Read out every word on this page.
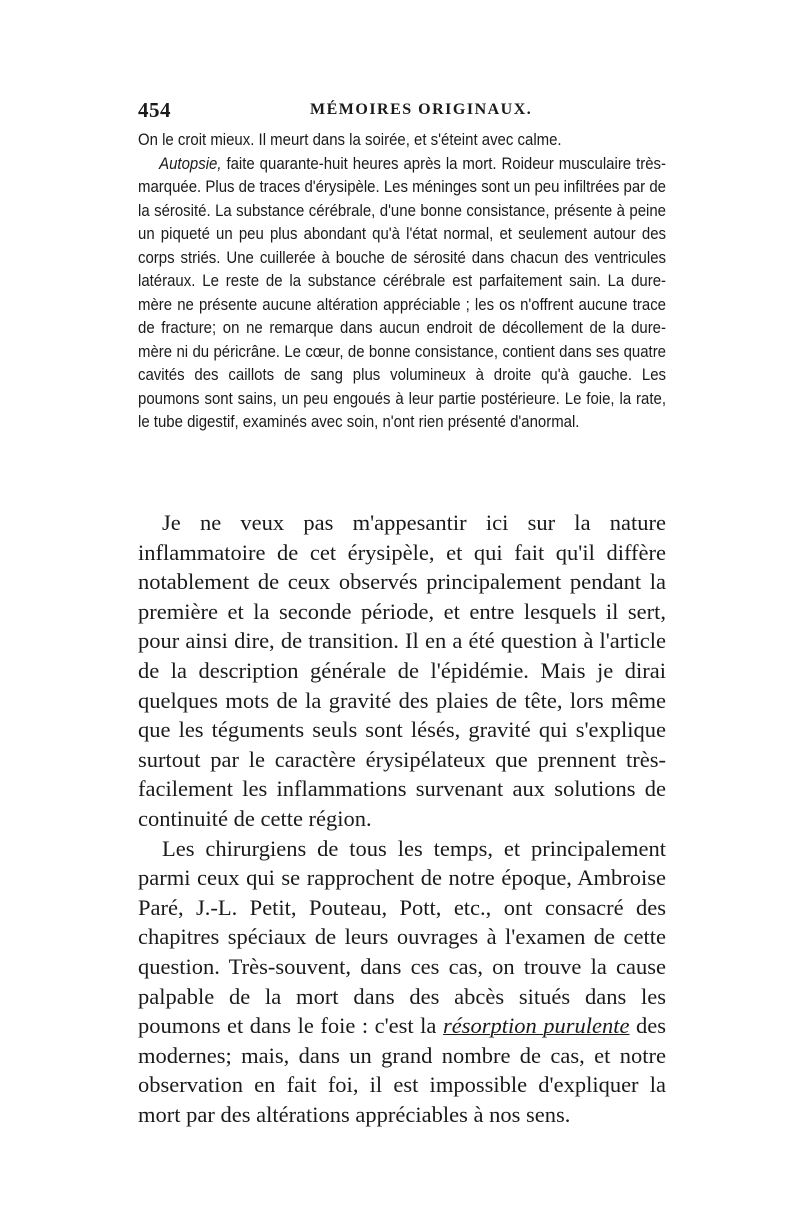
454	MÉMOIRES ORIGINAUX.

On le croit mieux. Il meurt dans la soirée, et s'éteint avec calme.
Autopsie, faite quarante-huit heures après la mort. Roideur musculaire très-marquée. Plus de traces d'érysipèle. Les méninges sont un peu infiltrées par de la sérosité. La substance cérébrale, d'une bonne consistance, présente à peine un piqueté un peu plus abondant qu'à l'état normal, et seulement autour des corps striés. Une cuillerée à bouche de sérosité dans chacun des ventricules latéraux. Le reste de la substance cérébrale est parfaitement sain. La dure-mère ne présente aucune altération appréciable ; les os n'offrent aucune trace de fracture; on ne remarque dans aucun endroit de décollement de la dure-mère ni du péricrâne. Le cœur, de bonne consistance, contient dans ses quatre cavités des caillots de sang plus volumineux à droite qu'à gauche. Les poumons sont sains, un peu engoués à leur partie postérieure. Le foie, la rate, le tube digestif, examinés avec soin, n'ont rien présenté d'anormal.

Je ne veux pas m'appesantir ici sur la nature inflammatoire de cet érysipèle, et qui fait qu'il diffère notablement de ceux observés principalement pendant la première et la seconde période, et entre lesquels il sert, pour ainsi dire, de transition. Il en a été question à l'article de la description générale de l'épidémie. Mais je dirai quelques mots de la gravité des plaies de tête, lors même que les téguments seuls sont lésés, gravité qui s'explique surtout par le caractère érysipélateux que prennent très-facilement les inflammations survenant aux solutions de continuité de cette région.

Les chirurgiens de tous les temps, et principalement parmi ceux qui se rapprochent de notre époque, Ambroise Paré, J.-L. Petit, Pouteau, Pott, etc., ont consacré des chapitres spéciaux de leurs ouvrages à l'examen de cette question. Très-souvent, dans ces cas, on trouve la cause palpable de la mort dans des abcès situés dans les poumons et dans le foie : c'est la résorption purulente des modernes; mais, dans un grand nombre de cas, et notre observation en fait foi, il est impossible d'expliquer la mort par des altérations appréciables à nos sens.
